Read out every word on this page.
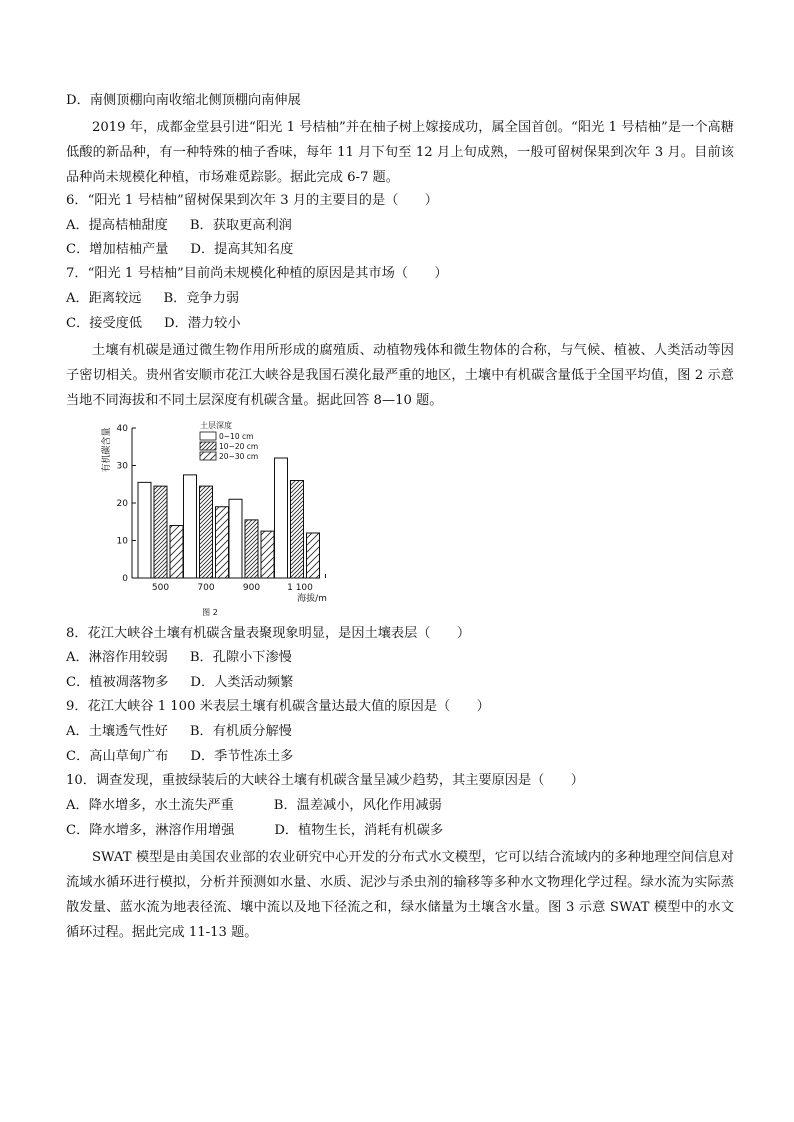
D．南侧顶棚向南收缩北侧顶棚向南伸展
2019 年，成都金堂县引进“阳光 1 号桔柚”并在柚子树上嫁接成功，属全国首创。“阳光 1 号桔柚”是一个高糖低酸的新品种，有一种特殊的柚子香味，每年 11 月下旬至 12 月上旬成熟，一般可留树保果到次年 3 月。目前该品种尚未规模化种植，市场难觅踪影。据此完成 6-7 题。
6．“阳光 1 号桔柚”留树保果到次年 3 月的主要目的是（　　）
A．提高桔柚甜度 B．获取更高利润
C．增加桔柚产量 D．提高其知名度
7．“阳光 1 号桔柚”目前尚未规模化种植的原因是其市场（　　）
A．距离较远 B．竞争力弱
C．接受度低 D．潜力较小
土壤有机碳是通过微生物作用所形成的腐殖质、动植物残体和微生物体的合称，与气候、植被、人类活动等因子密切相关。贵州省安顺市花江大峡谷是我国石漠化最严重的地区，土壤中有机碳含量低于全国平均值，图 2 示意当地不同海拔和不同土层深度有机碳含量。据此回答 8—10 题。
0
10
20
30
40
有机碳含量
500	700	900	1 100
海拔/m
图 2
土层深度
0~10 cm
10~20 cm
20~30 cm
8．花江大峡谷土壤有机碳含量表聚现象明显，是因土壤表层（　　）
A．淋溶作用较弱 B．孔隙小下渗慢
C．植被凋落物多 D．人类活动频繁
9．花江大峡谷 1 100 米表层土壤有机碳含量达最大值的原因是（　　）
A．土壤透气性好 B．有机质分解慢
C．高山草甸广布 D．季节性冻土多
10．调查发现，重披绿装后的大峡谷土壤有机碳含量呈减少趋势，其主要原因是（　　）
A．降水增多，水土流失严重	B．温差减小，风化作用减弱
C．降水增多，淋溶作用增强	D．植物生长，消耗有机碳多
SWAT 模型是由美国农业部的农业研究中心开发的分布式水文模型，它可以结合流域内的多种地理空间信息对流域水循环进行模拟，分析并预测如水量、水质、泥沙与杀虫剂的输移等多种水文物理化学过程。绿水流为实际蒸散发量、蓝水流为地表径流、壤中流以及地下径流之和，绿水储量为土壤含水量。图 3 示意 SWAT 模型中的水文循环过程。据此完成 11-13 题。
